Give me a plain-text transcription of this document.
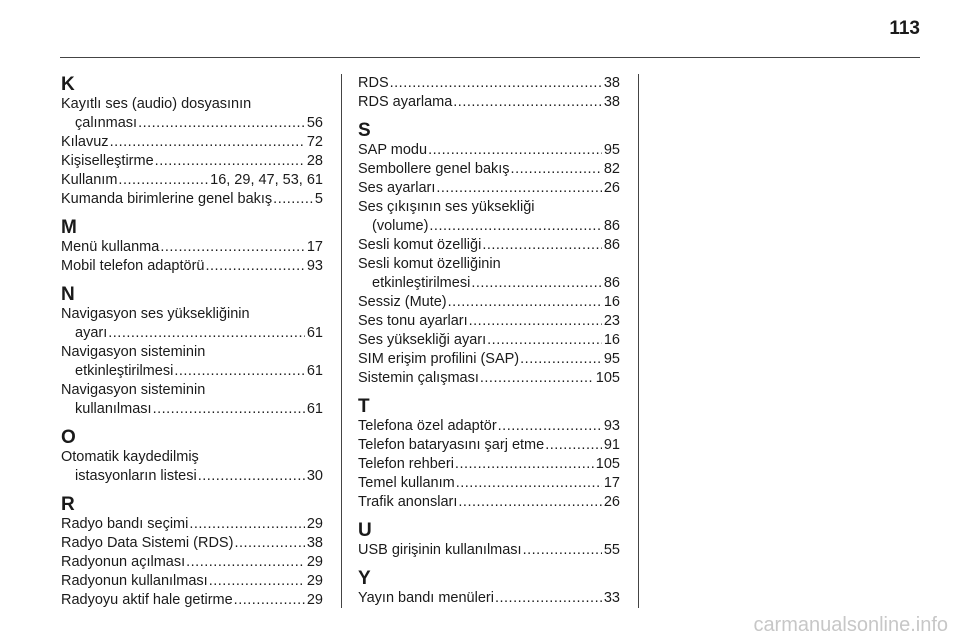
113
K
Kayıtlı ses (audio) dosyasının
çalınması .....	56
Kılavuz .....	72
Kişiselleştirme .....	28
Kullanım .....	16, 29, 47, 53, 61
Kumanda birimlerine genel bakış .....	5
M
Menü kullanma .....	17
Mobil telefon adaptörü .....	93
N
Navigasyon ses yüksekliğinin
ayarı .....	61
Navigasyon sisteminin
etkinleştirilmesi .....	61
Navigasyon sisteminin
kullanılması .....	61
O
Otomatik kaydedilmiş
istasyonların listesi .....	30
R
Radyo bandı seçimi .....	29
Radyo Data Sistemi (RDS) .....	38
Radyonun açılması .....	29
Radyonun kullanılması .....	29
Radyoyu aktif hale getirme .....	29
RDS .....	38
RDS ayarlama .....	38
S
SAP modu .....	95
Sembollere genel bakış .....	82
Ses ayarları .....	26
Ses çıkışının ses yüksekliği
(volume) .....	86
Sesli komut özelliği .....	86
Sesli komut özelliğinin
etkinleştirilmesi .....	86
Sessiz (Mute) .....	16
Ses tonu ayarları .....	23
Ses yüksekliği ayarı .....	16
SIM erişim profilini (SAP) .....	95
Sistemin çalışması .....	105
T
Telefona özel adaptör .....	93
Telefon bataryasını şarj etme .....	91
Telefon rehberi .....	105
Temel kullanım .....	17
Trafik anonsları .....	26
U
USB girişinin kullanılması .....	55
Y
Yayın bandı menüleri .....	33
carmanualsonline.info
